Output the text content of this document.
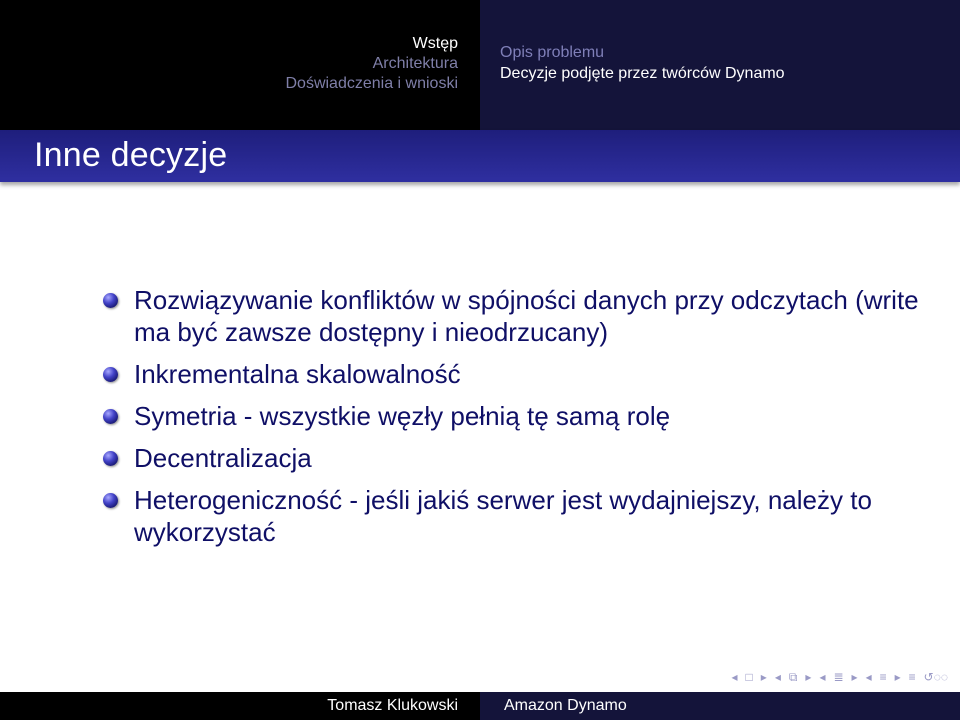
Wstęp
Architektura
Doświadczenia i wnioski
Opis problemu
Decyzje podjęte przez twórców Dynamo
Inne decyzje
Rozwiązywanie konfliktów w spójności danych przy odczytach (write ma być zawsze dostępny i nieodrzucany)
Inkrementalna skalowalność
Symetria - wszystkie węzły pełnią tę samą rolę
Decentralizacja
Heterogeniczność - jeśli jakiś serwer jest wydajniejszy, należy to wykorzystać
◂ □ ▸ ◂ ⧉ ▸ ◂ ≣ ▸ ◂ ≡ ▸ ≡ ↺◌◌
Tomasz Klukowski	Amazon Dynamo
